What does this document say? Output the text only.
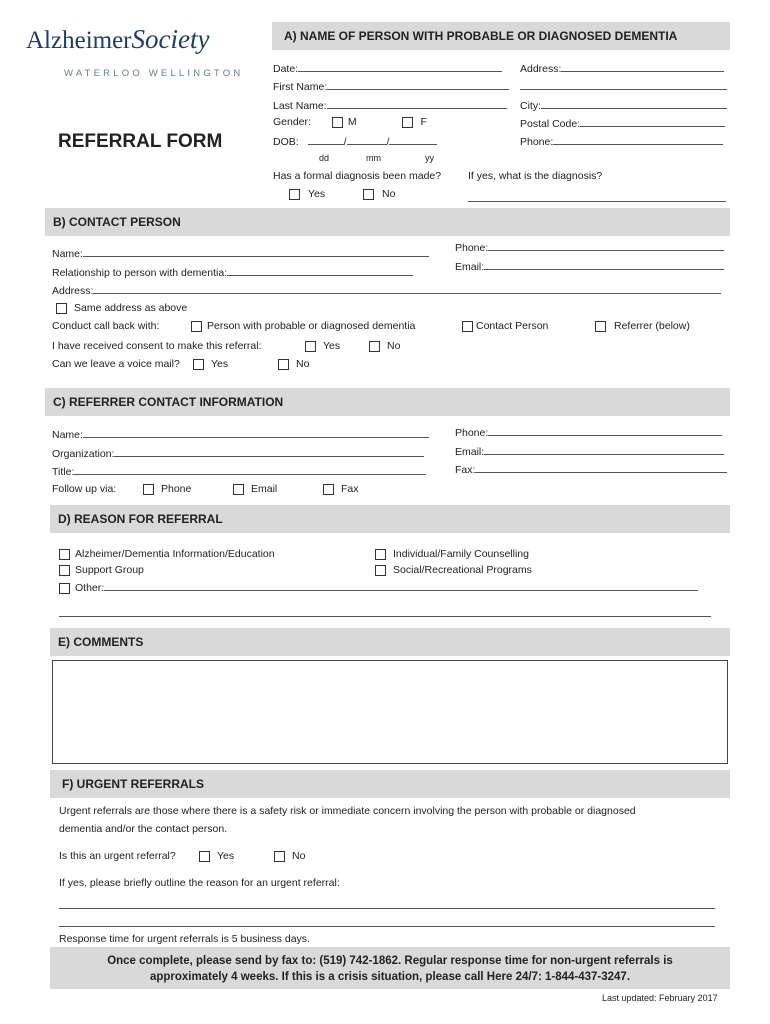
AlzheimerSociety
WATERLOO WELLINGTON
REFERRAL FORM
A) NAME OF PERSON WITH PROBABLE OR DIAGNOSED DEMENTIA
Date:
First Name:
Last Name:
Gender:	M	F
DOB:	/	/
dd	mm	yy
Address:
City:
Postal Code:
Phone:
Has a formal diagnosis been made?	If yes, what is the diagnosis?
Yes	No
B) CONTACT PERSON
Name:
Relationship to person with dementia:
Address:
Phone:
Email:
Same address as above
Conduct call back with:	Person with probable or diagnosed dementia	Contact Person	Referrer (below)
I have received consent to make this referral:	Yes	No
Can we leave a voice mail?	Yes	No
C) REFERRER CONTACT INFORMATION
Name:
Organization:
Title:
Phone:
Email:
Fax:
Follow up via:	Phone	Email	Fax
D) REASON FOR REFERRAL
Alzheimer/Dementia Information/Education
Support Group
Other:
Individual/Family Counselling
Social/Recreational Programs
E) COMMENTS
F) URGENT REFERRALS
Urgent referrals are those where there is a safety risk or immediate concern involving the person with probable or diagnosed
dementia and/or the contact person.
Is this an urgent referral?	Yes	No
If yes, please briefly outline the reason for an urgent referral:
Response time for urgent referrals is 5 business days.
Once complete, please send by fax to: (519) 742-1862. Regular response time for non-urgent referrals is
approximately 4 weeks. If this is a crisis situation, please call Here 24/7: 1-844-437-3247.
Last updated: February 2017
